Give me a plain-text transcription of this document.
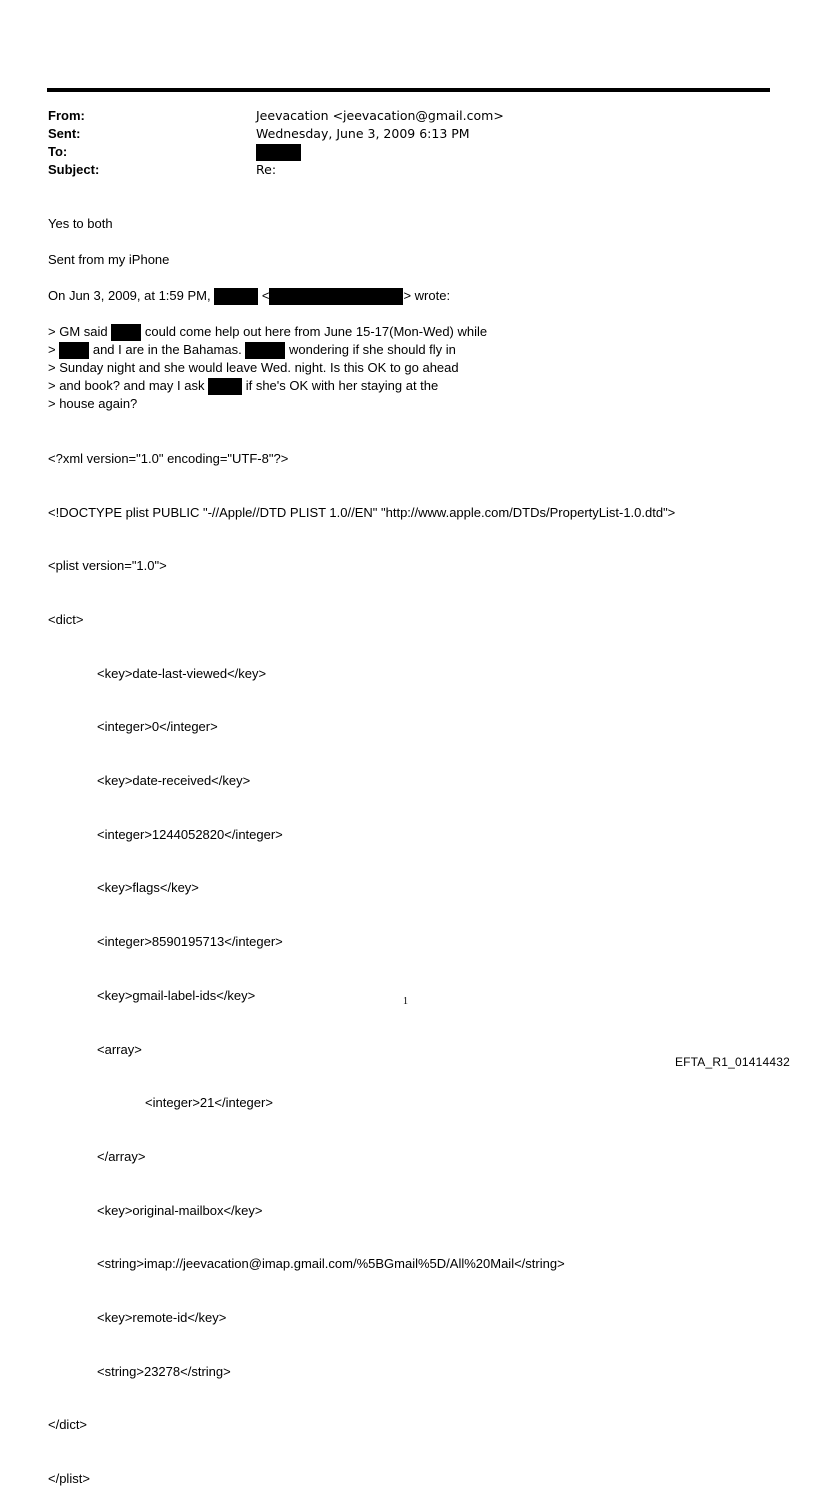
From:	Jeevacation <jeevacation@gmail.com>
Sent:	Wednesday, June 3, 2009 6:13 PM
To:
Subject:	Re:
Yes to both
Sent from my iPhone
On Jun 3, 2009, at 1:59 PM,	<	> wrote:
> GM said	could come help out here from June 15-17(Mon-Wed) while
>	and I are in the Bahamas.	wondering if she should fly in
> Sunday night and she would leave Wed. night. Is this OK to go ahead
> and book? and may I ask	if she's OK with her staying at the
> house again?

<?xml version="1.0" encoding="UTF-8"?>

<!DOCTYPE plist PUBLIC "-//Apple//DTD PLIST 1.0//EN" "http://www.apple.com/DTDs/PropertyList-1.0.dtd">

<plist version="1.0">

<dict>

<key>date-last-viewed</key>

<integer>0</integer>

<key>date-received</key>

<integer>1244052820</integer>

<key>flags</key>

<integer>8590195713</integer>

<key>gmail-label-ids</key>

<array>

<integer>21</integer>

</array>

<key>original-mailbox</key>

<string>imap://jeevacation@imap.gmail.com/%5BGmail%5D/All%20Mail</string>

<key>remote-id</key>

<string>23278</string>

</dict>

</plist>

1
EFTA_R1_01414432
